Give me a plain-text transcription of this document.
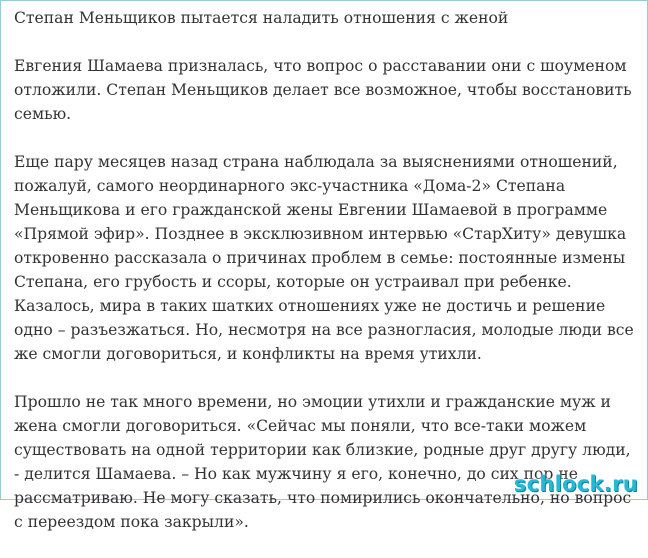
Степан Меньщиков пытается наладить отношения с женой

Евгения Шамаева призналась, что вопрос о расставании они с шоуменом отложили. Степан Меньщиков делает все возможное, чтобы восстановить семью.

Еще пару месяцев назад страна наблюдала за выяснениями отношений, пожалуй, самого неординарного экс-участника «Дома-2» Степана Меньщикова и его гражданской жены Евгении Шамаевой в программе «Прямой эфир». Позднее в эксклюзивном интервью «СтарХиту» девушка откровенно рассказала о причинах проблем в семье: постоянные измены Степана, его грубость и ссоры, которые он устраивал при ребенке. Казалось, мира в таких шатких отношениях уже не достичь и решение одно – разъезжаться. Но, несмотря на все разногласия, молодые люди все же смогли договориться, и конфликты на время утихли.

Прошло не так много времени, но эмоции утихли и гражданские муж и жена смогли договориться. «Сейчас мы поняли, что все-таки можем существовать на одной территории как близкие, родные друг другу люди, - делится Шамаева. – Но как мужчину я его, конечно, до сих пор не рассматриваю. Не могу сказать, что помирились окончательно, но вопрос с переездом пока закрыли».

schlock.ru
